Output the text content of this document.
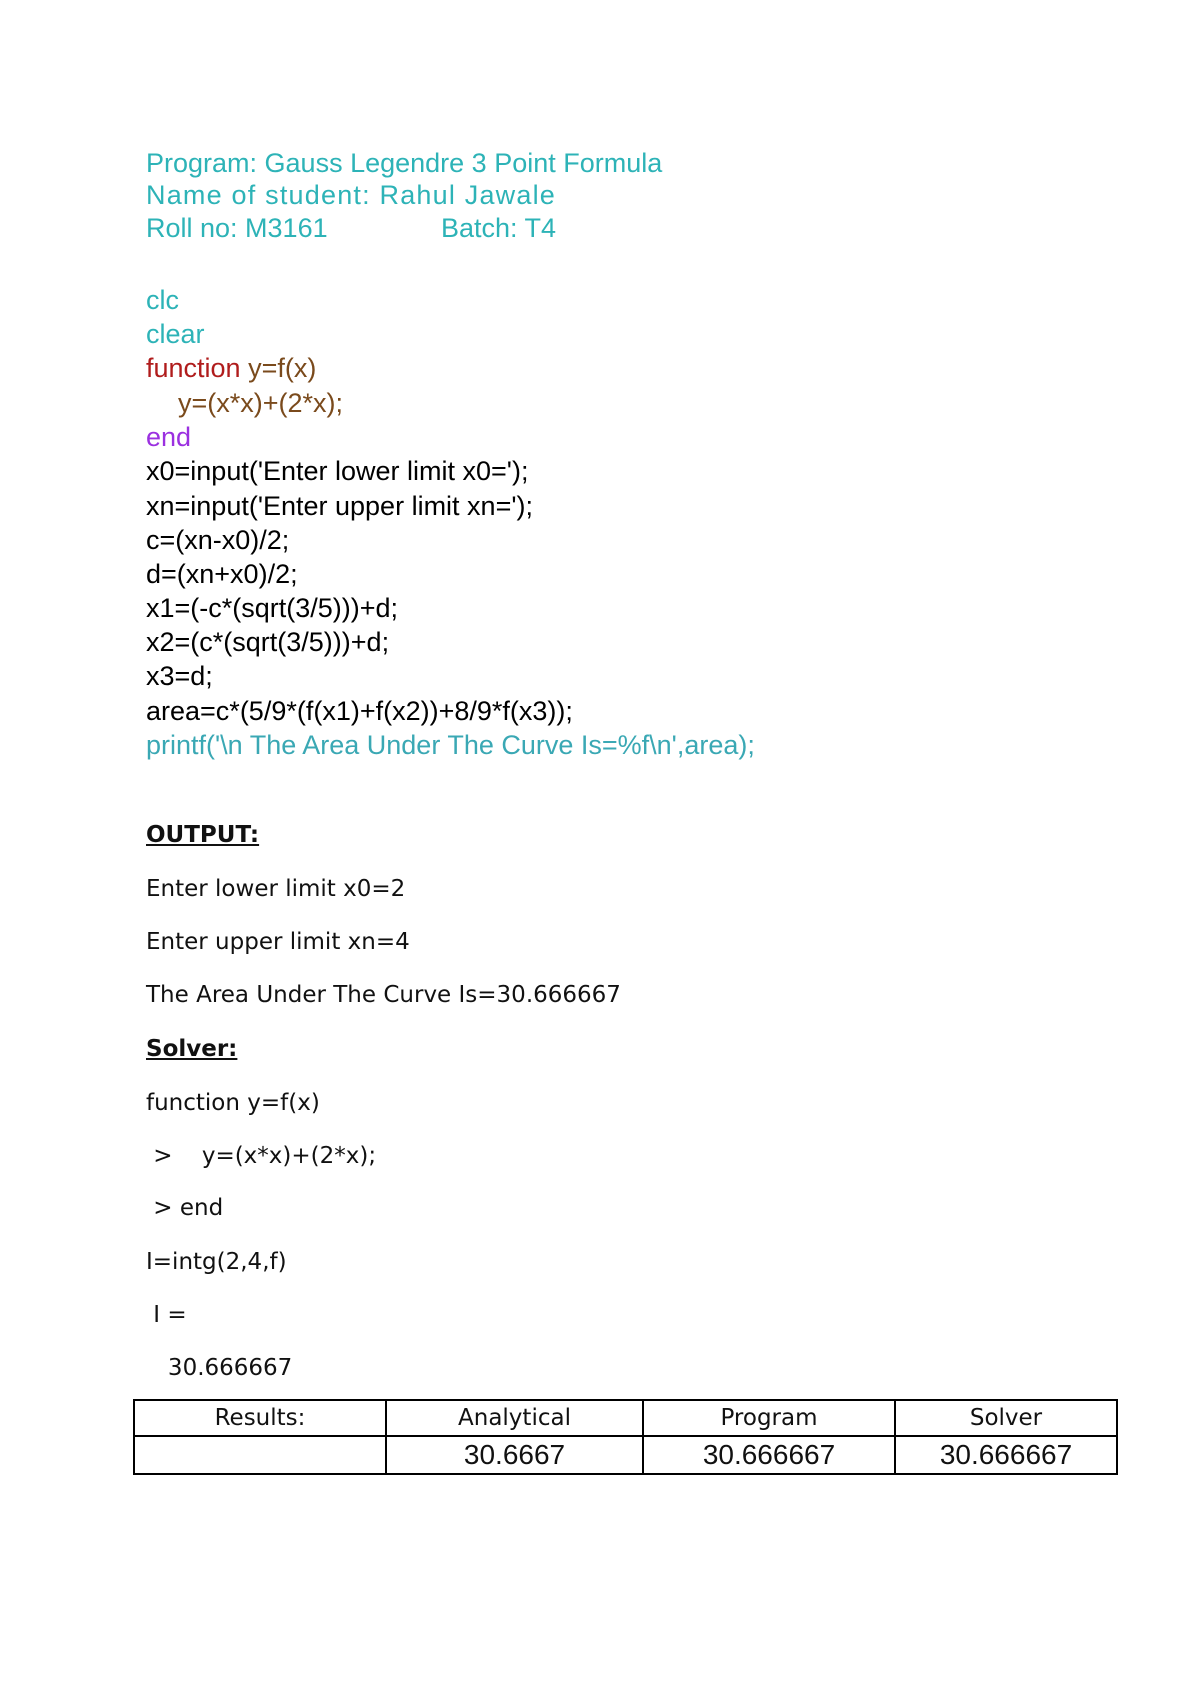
Program: Gauss Legendre 3 Point Formula
Name of student: Rahul Jawale
Roll no: M3161	Batch: T4
clc
clear
function y=f(x)
y=(x*x)+(2*x);
end
x0=input('Enter lower limit x0=');
xn=input('Enter upper limit xn=');
c=(xn-x0)/2;
d=(xn+x0)/2;
x1=(-c*(sqrt(3/5)))+d;
x2=(c*(sqrt(3/5)))+d;
x3=d;
area=c*(5/9*(f(x1)+f(x2))+8/9*f(x3));
printf('\n The Area Under The Curve Is=%f\n',area);
OUTPUT:
Enter lower limit x0=2
Enter upper limit xn=4
The Area Under The Curve Is=30.666667
Solver:
function y=f(x)
>    y=(x*x)+(2*x);
> end
I=intg(2,4,f)
I =
30.666667
Results:	Analytical	Program	Solver
	30.6667	30.666667	30.666667
